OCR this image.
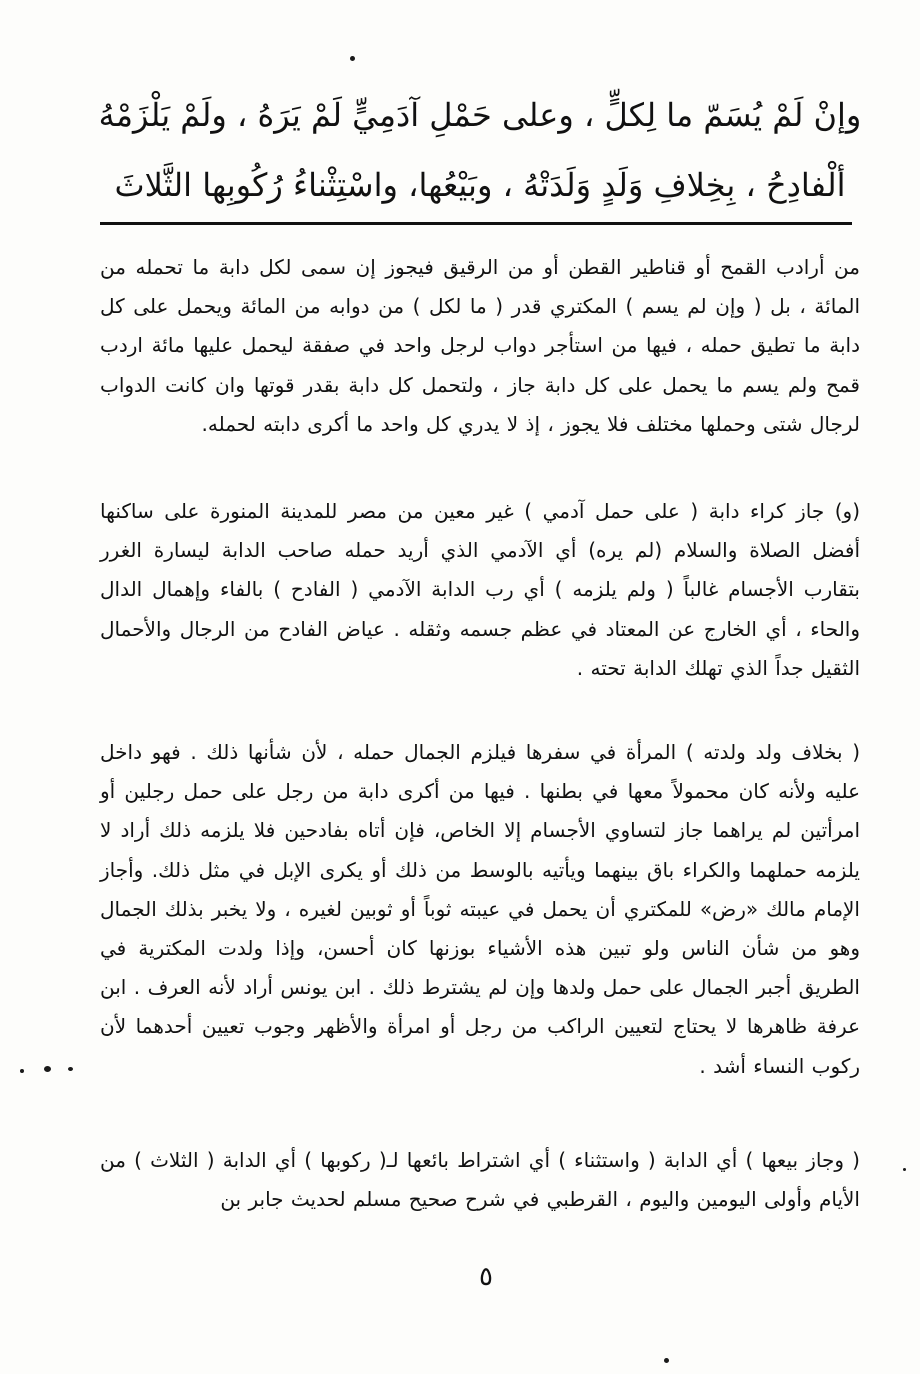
وإنْ لَمْ يُسَمّ ما لِكلٍّ ، وعلى حَمْلِ آدَمِيٍّ لَمْ يَرَهُ ، ولَمْ يَلْزَمْهُ
ألْفادِحُ ، بِخِلافِ وَلَدٍ وَلَدَتْهُ ، وبَيْعُها، واسْتِثْناءُ رُكُوبِها الثَّلاثَ
من أرادب القمح أو قناطير القطن أو من الرقيق فيجوز إن سمى لكل دابة ما تحمله من المائة ، بل ( وإن لم يسم ) المكتري قدر ( ما لكل ) من دوابه من المائة ويحمل على كل دابة ما تطيق حمله ، فيها من استأجر دواب لرجل واحد في صفقة ليحمل عليها مائة اردب قمح ولم يسم ما يحمل على كل دابة جاز ، ولتحمل كل دابة بقدر قوتها وان كانت الدواب لرجال شتى وحملها مختلف فلا يجوز ، إذ لا يدري كل واحد ما أكرى دابته لحمله.
(و) جاز كراء دابة ( على حمل آدمي ) غير معين من مصر للمدينة المنورة على ساكنها أفضل الصلاة والسلام (لم يره) أي الآدمي الذي أريد حمله صاحب الدابة ليسارة الغرر بتقارب الأجسام غالباً ( ولم يلزمه ) أي رب الدابة الآدمي ( الفادح ) بالفاء وإهمال الدال والحاء ، أي الخارج عن المعتاد في عظم جسمه وثقله . عياض الفادح من الرجال والأحمال الثقيل جداً الذي تهلك الدابة تحته .
( بخلاف ولد ولدته ) المرأة في سفرها فيلزم الجمال حمله ، لأن شأنها ذلك . فهو داخل عليه ولأنه كان محمولاً معها في بطنها . فيها من أكرى دابة من رجل على حمل رجلين أو امرأتين لم يراهما جاز لتساوي الأجسام إلا الخاص، فإن أتاه بفادحين فلا يلزمه ذلك أراد لا يلزمه حملهما والكراء باق بينهما ويأتيه بالوسط من ذلك أو يكرى الإبل في مثل ذلك. وأجاز الإمام مالك «رض» للمكتري أن يحمل في عيبته ثوباً أو ثوبين لغيره ، ولا يخبر بذلك الجمال وهو من شأن الناس ولو تبين هذه الأشياء بوزنها كان أحسن، وإذا ولدت المكترية في الطريق أجبر الجمال على حمل ولدها وإن لم يشترط ذلك . ابن يونس أراد لأنه العرف . ابن عرفة ظاهرها لا يحتاج لتعيين الراكب من رجل أو امرأة والأظهر وجوب تعيين أحدهما لأن ركوب النساء أشد .
( وجاز بيعها ) أي الدابة ( واستثناء ) أي اشتراط بائعها لـ( ركوبها ) أي الدابة ( الثلاث ) من الأيام وأولى اليومين واليوم ، القرطبي في شرح صحيح مسلم لحديث جابر بن
٥
